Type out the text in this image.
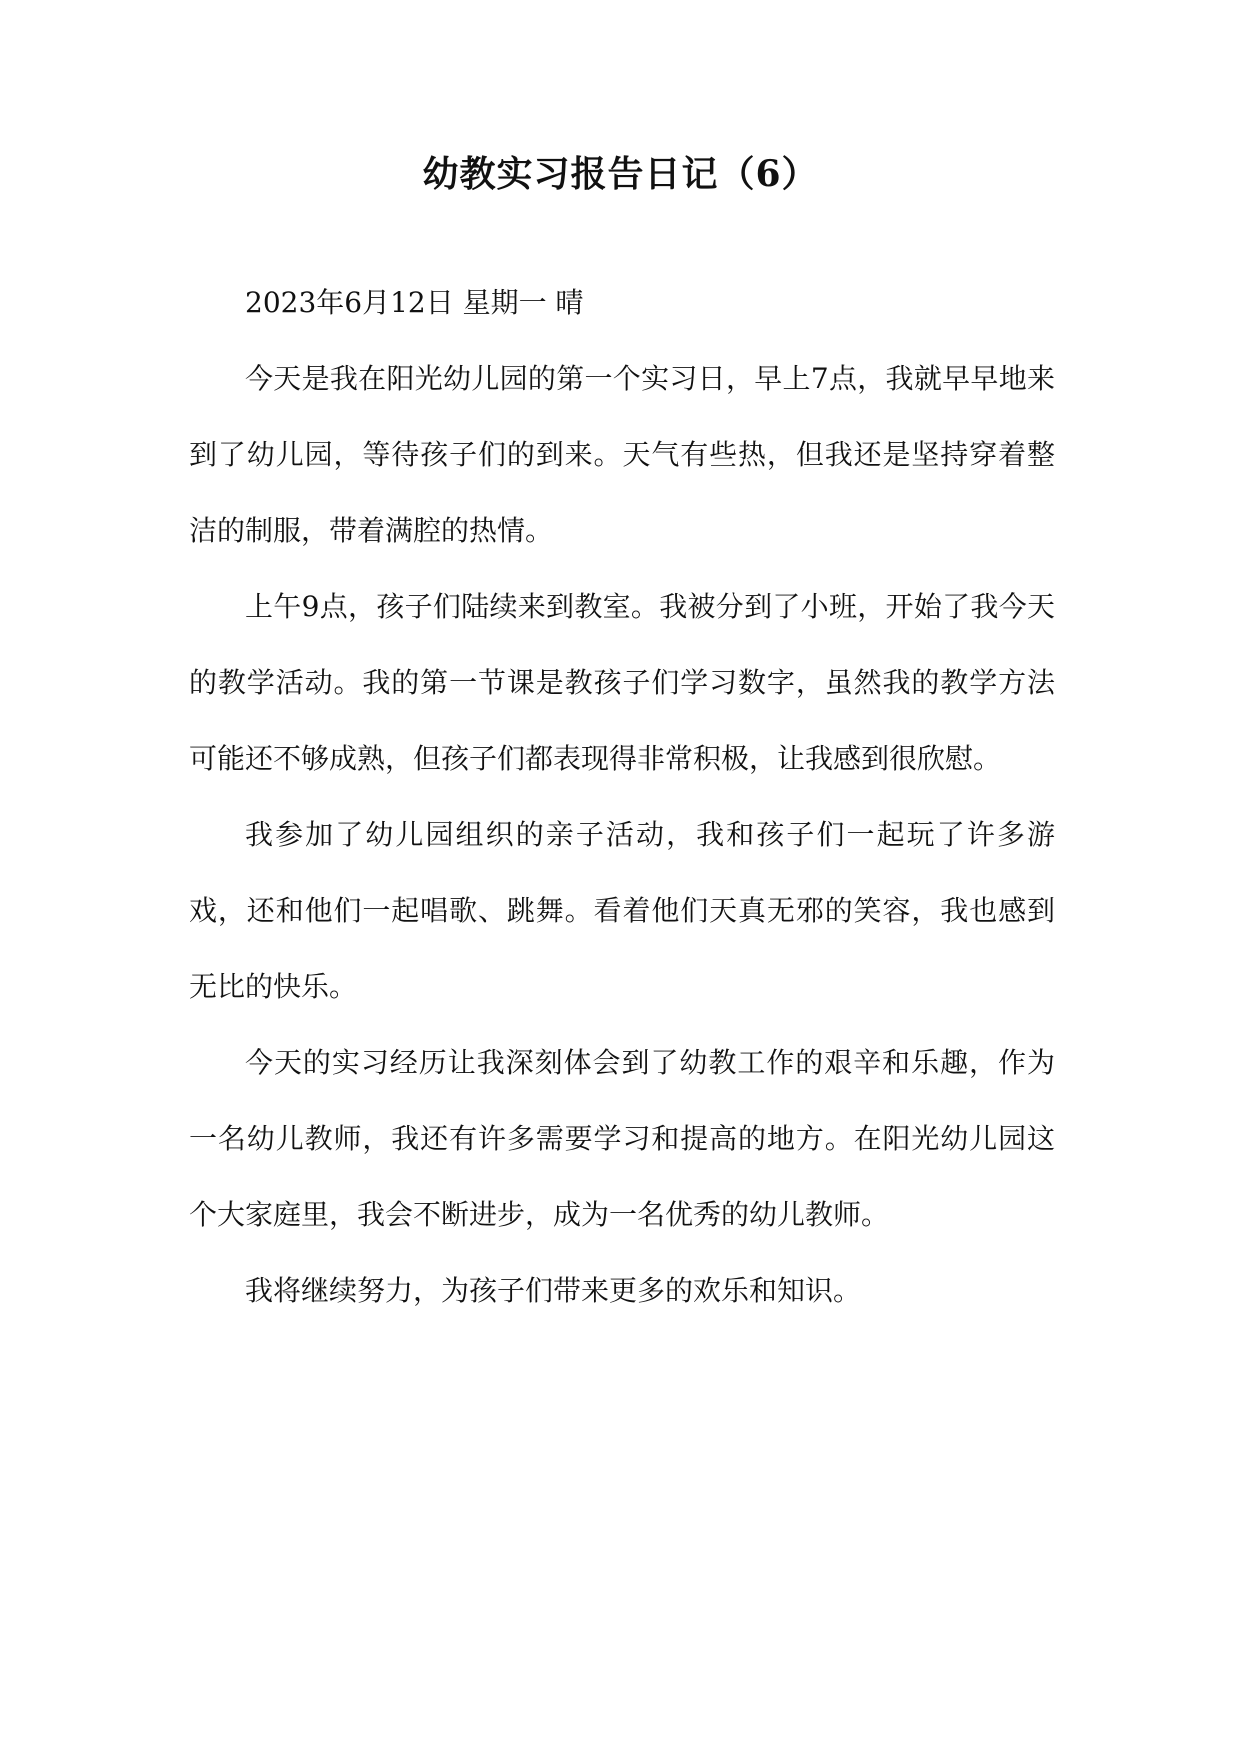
幼教实习报告日记（6）

2023年6月12日 星期一 晴

今天是我在阳光幼儿园的第一个实习日，早上7点，我就早早地来到了幼儿园，等待孩子们的到来。天气有些热，但我还是坚持穿着整洁的制服，带着满腔的热情。

上午9点，孩子们陆续来到教室。我被分到了小班，开始了我今天的教学活动。我的第一节课是教孩子们学习数字，虽然我的教学方法可能还不够成熟，但孩子们都表现得非常积极，让我感到很欣慰。

我参加了幼儿园组织的亲子活动，我和孩子们一起玩了许多游戏，还和他们一起唱歌、跳舞。看着他们天真无邪的笑容，我也感到无比的快乐。

今天的实习经历让我深刻体会到了幼教工作的艰辛和乐趣，作为一名幼儿教师，我还有许多需要学习和提高的地方。在阳光幼儿园这个大家庭里，我会不断进步，成为一名优秀的幼儿教师。

我将继续努力，为孩子们带来更多的欢乐和知识。
